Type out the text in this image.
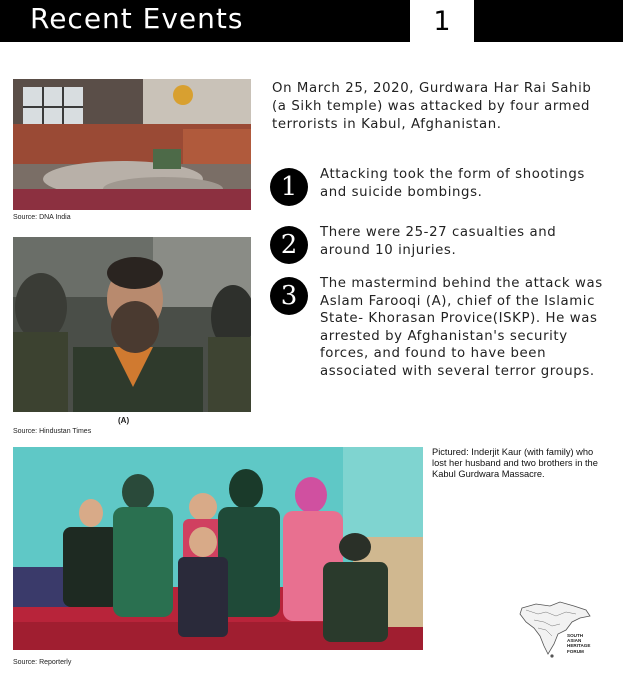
Recent Events	1
Source: DNA India
(A)
Source: Hindustan Times
On March 25, 2020, Gurdwara Har Rai Sahib (a Sikh temple) was attacked by four armed terrorists in Kabul, Afghanistan.
1	Attacking took the form of shootings and suicide bombings.
2	There were 25-27 casualties and around 10 injuries.
3	The mastermind behind the attack was Aslam Farooqi (A), chief of the Islamic State- Khorasan Provice(ISKP). He was arrested by Afghanistan's security forces, and found to have been associated with several terror groups.
Source: Reporterly
Pictured: Inderjit Kaur (with family) who lost her husband and two brothers in the Kabul Gurdwara Massacre.
SOUTH
ASIAN
HERITAGE
FORUM
